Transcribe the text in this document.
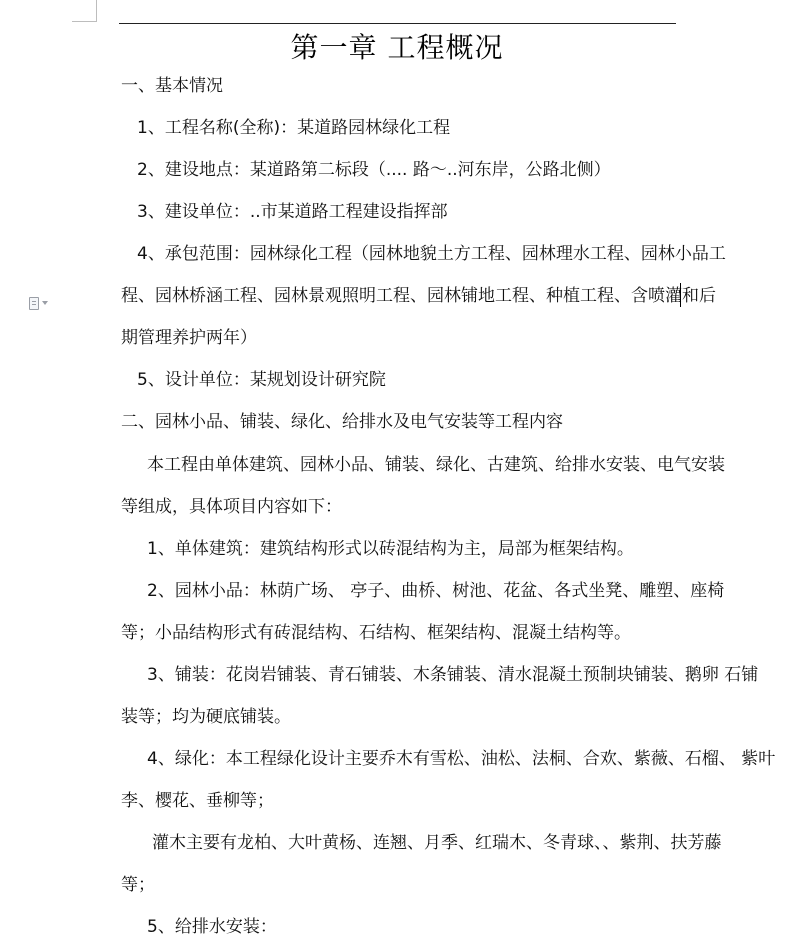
第一章 工程概况
一、基本情况
1、工程名称(全称)：某道路园林绿化工程
2、建设地点：某道路第二标段（.... 路～..河东岸，公路北侧）
3、建设单位：..市某道路工程建设指挥部
4、承包范围：园林绿化工程（园林地貌土方工程、园林理水工程、园林小品工
程、园林桥涵工程、园林景观照明工程、园林铺地工程、种植工程、含喷灌和后
期管理养护两年）
5、设计单位：某规划设计研究院
二、园林小品、铺装、绿化、给排水及电气安装等工程内容
本工程由单体建筑、园林小品、铺装、绿化、古建筑、给排水安装、电气安装
等组成，具体项目内容如下：
1、单体建筑：建筑结构形式以砖混结构为主，局部为框架结构。
2、园林小品：林荫广场、 亭子、曲桥、树池、花盆、各式坐凳、雕塑、座椅
等；小品结构形式有砖混结构、石结构、框架结构、混凝土结构等。
3、铺装：花岗岩铺装、青石铺装、木条铺装、清水混凝土预制块铺装、鹅卵 石铺
装等；均为硬底铺装。
4、绿化：本工程绿化设计主要乔木有雪松、油松、法桐、合欢、紫薇、石榴、 紫叶
李、樱花、垂柳等；
灌木主要有龙柏、大叶黄杨、连翘、月季、红瑞木、冬青球、、紫荆、扶芳藤
等；
5、给排水安装：
